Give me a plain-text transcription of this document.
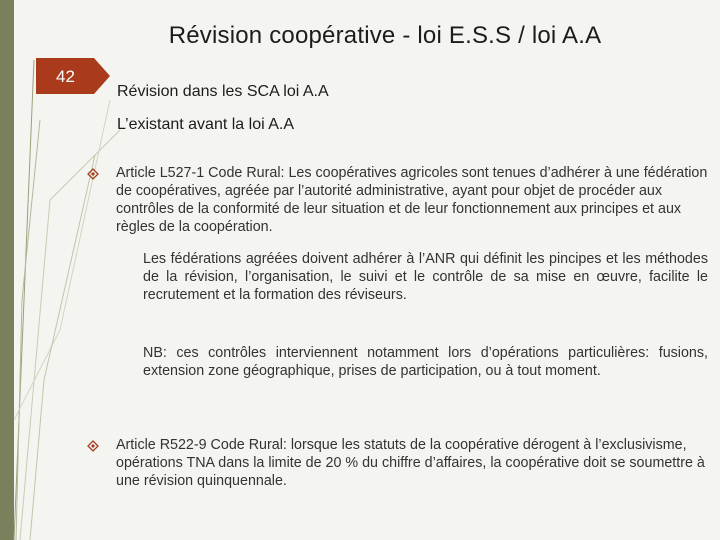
Révision coopérative - loi E.S.S / loi A.A
42
Révision dans les SCA loi A.A
L’existant avant la loi A.A
Article L527-1 Code Rural: Les coopératives agricoles sont tenues d’adhérer à une fédération de coopératives, agréée par l’autorité administrative, ayant pour objet de procéder aux contrôles de la conformité de leur situation et de leur fonctionnement aux principes et aux règles de la coopération.
Les fédérations agréées doivent adhérer à l’ANR qui définit les pincipes et les méthodes de la révision, l’organisation, le suivi et le contrôle de sa mise en œuvre, facilite le recrutement et la formation des réviseurs.
NB: ces contrôles interviennent notamment lors d’opérations particulières: fusions, extension zone géographique, prises de participation, ou à tout moment.
Article R522-9 Code Rural: lorsque les statuts de la coopérative dérogent à l’exclusivisme, opérations TNA dans la limite de 20 % du chiffre d’affaires, la coopérative doit se soumettre à une révision quinquennale.
